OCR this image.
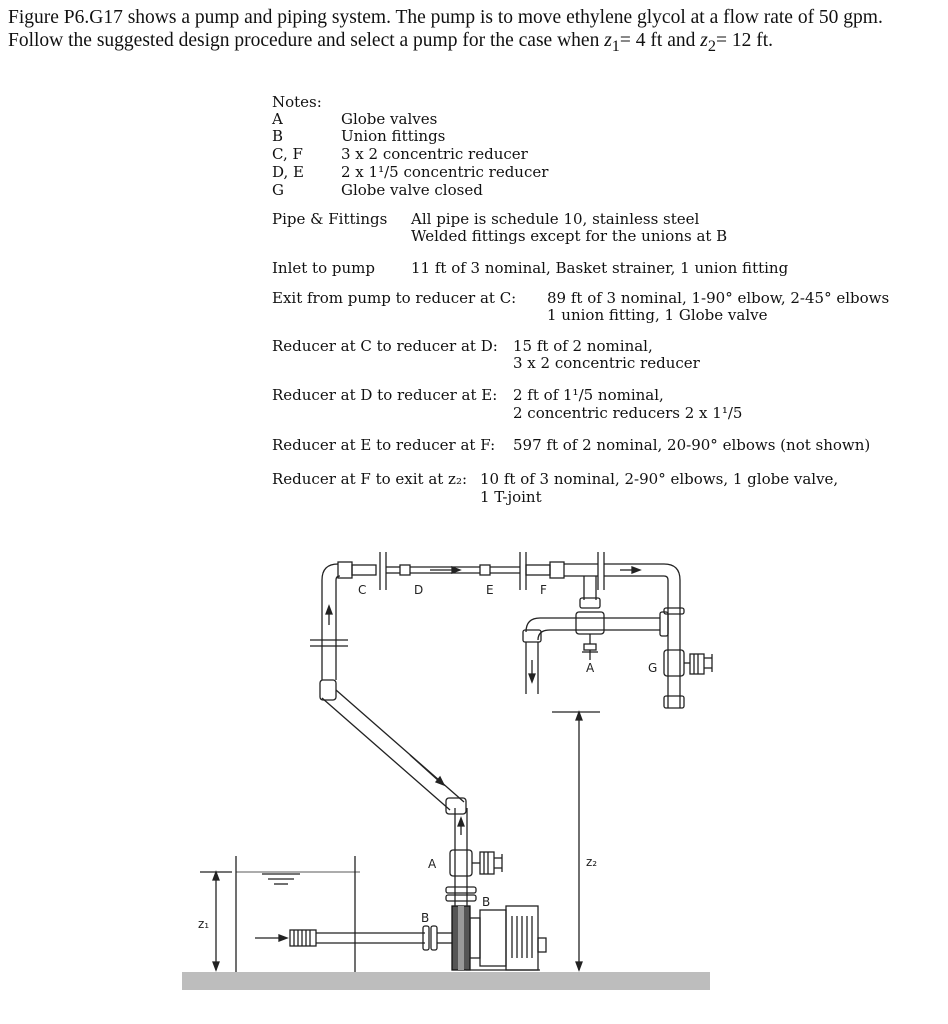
Figure P6.G17 shows a pump and piping system. The pump is to move ethylene glycol at a flow rate of 50 gpm. Follow the suggested design procedure and select a pump for the case when $z_1= 4$ ft and $z_2= 12$ ft.
Notes:
A	Globe valves
B	Union fittings
C, F	3 x 2 concentric reducer
D, E 2 x 1¹/5 concentric reducer
G	Globe valve closed
Pipe & Fittings All pipe is schedule 10, stainless steel
Welded fittings except for the unions at B
Inlet to pump 11 ft of 3 nominal, Basket strainer, 1 union fitting
Exit from pump to reducer at C: 89 ft of 3 nominal, 1-90° elbow, 2-45° elbows
1 union fitting, 1 Globe valve
Reducer at C to reducer at D: 15 ft of 2 nominal,
3 x 2 concentric reducer
Reducer at D to reducer at E: 2 ft of 1¹/5 nominal,
2 concentric reducers 2 x 1¹/5
Reducer at E to reducer at F: 597 ft of 2 nominal, 20-90° elbows (not shown)
Reducer at F to exit at z₂: 10 ft of 3 nominal, 2-90° elbows, 1 globe valve,
1 T-joint
C	D	E	F
A	G
A
B
B
z₁
z₂
